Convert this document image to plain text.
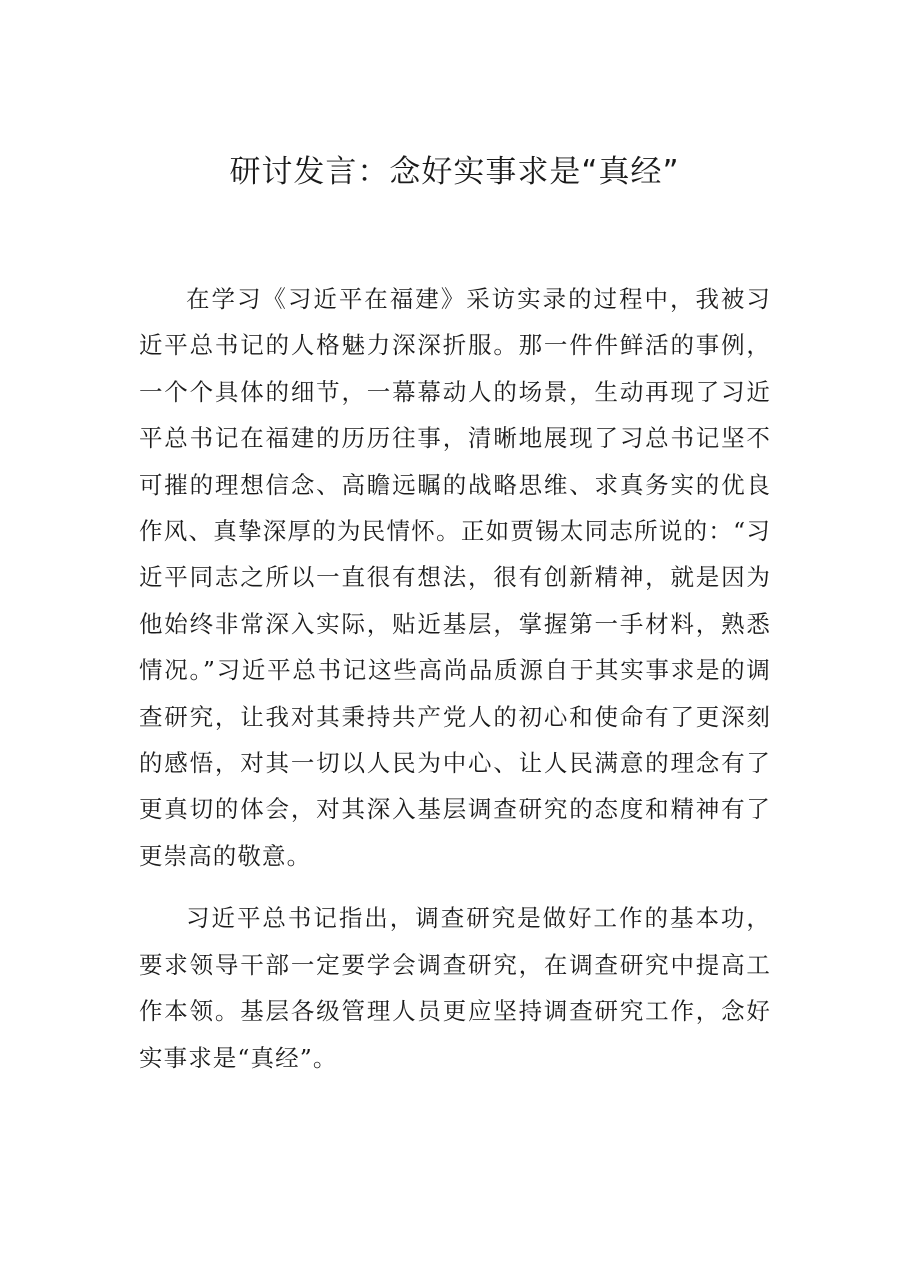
研讨发言：念好实事求是“真经”

在学习《习近平在福建》采访实录的过程中，我被习近平总书记的人格魅力深深折服。那一件件鲜活的事例，一个个具体的细节，一幕幕动人的场景，生动再现了习近平总书记在福建的历历往事，清晰地展现了习总书记坚不可摧的理想信念、高瞻远瞩的战略思维、求真务实的优良作风、真挚深厚的为民情怀。正如贾锡太同志所说的：“习近平同志之所以一直很有想法，很有创新精神，就是因为他始终非常深入实际，贴近基层，掌握第一手材料，熟悉情况。”习近平总书记这些高尚品质源自于其实事求是的调查研究，让我对其秉持共产党人的初心和使命有了更深刻的感悟，对其一切以人民为中心、让人民满意的理念有了更真切的体会，对其深入基层调查研究的态度和精神有了更崇高的敬意。

习近平总书记指出，调查研究是做好工作的基本功，要求领导干部一定要学会调查研究，在调查研究中提高工作本领。基层各级管理人员更应坚持调查研究工作，念好实事求是“真经”。
